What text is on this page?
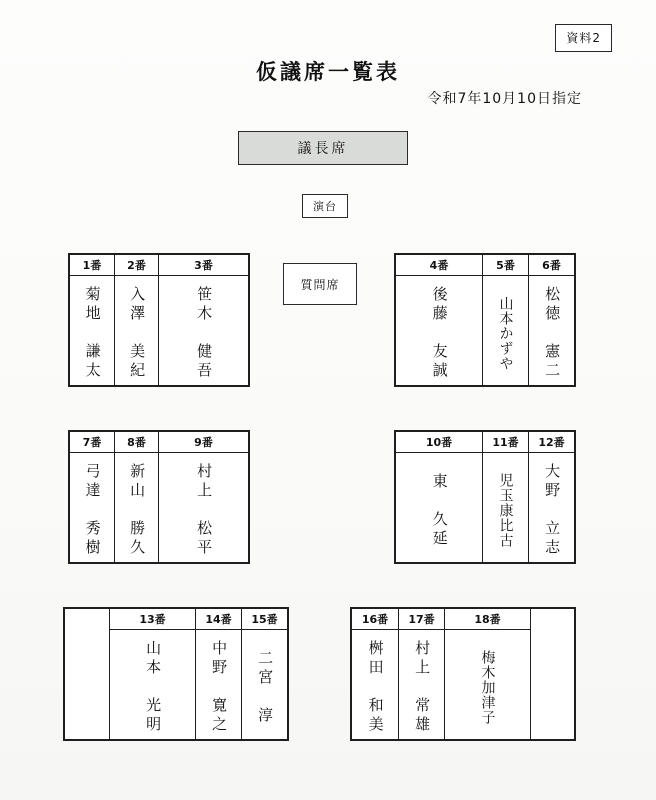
資料2
仮議席一覧表
令和7年10月10日指定
議長席
演台
質問席
1番
菊地　謙太
2番
入澤　美紀
3番
笹木　健吾
4番
後藤　友誠
5番
山本かずや
6番
松徳　憲二
7番
弓達　秀樹
8番
新山　勝久
9番
村上　松平
10番
東　久延
11番
児玉康比古
12番
大野　立志
13番
山本　光明
14番
中野　寛之
15番
二宮　淳
16番
桝田　和美
17番
村上　常雄
18番
梅木加津子
